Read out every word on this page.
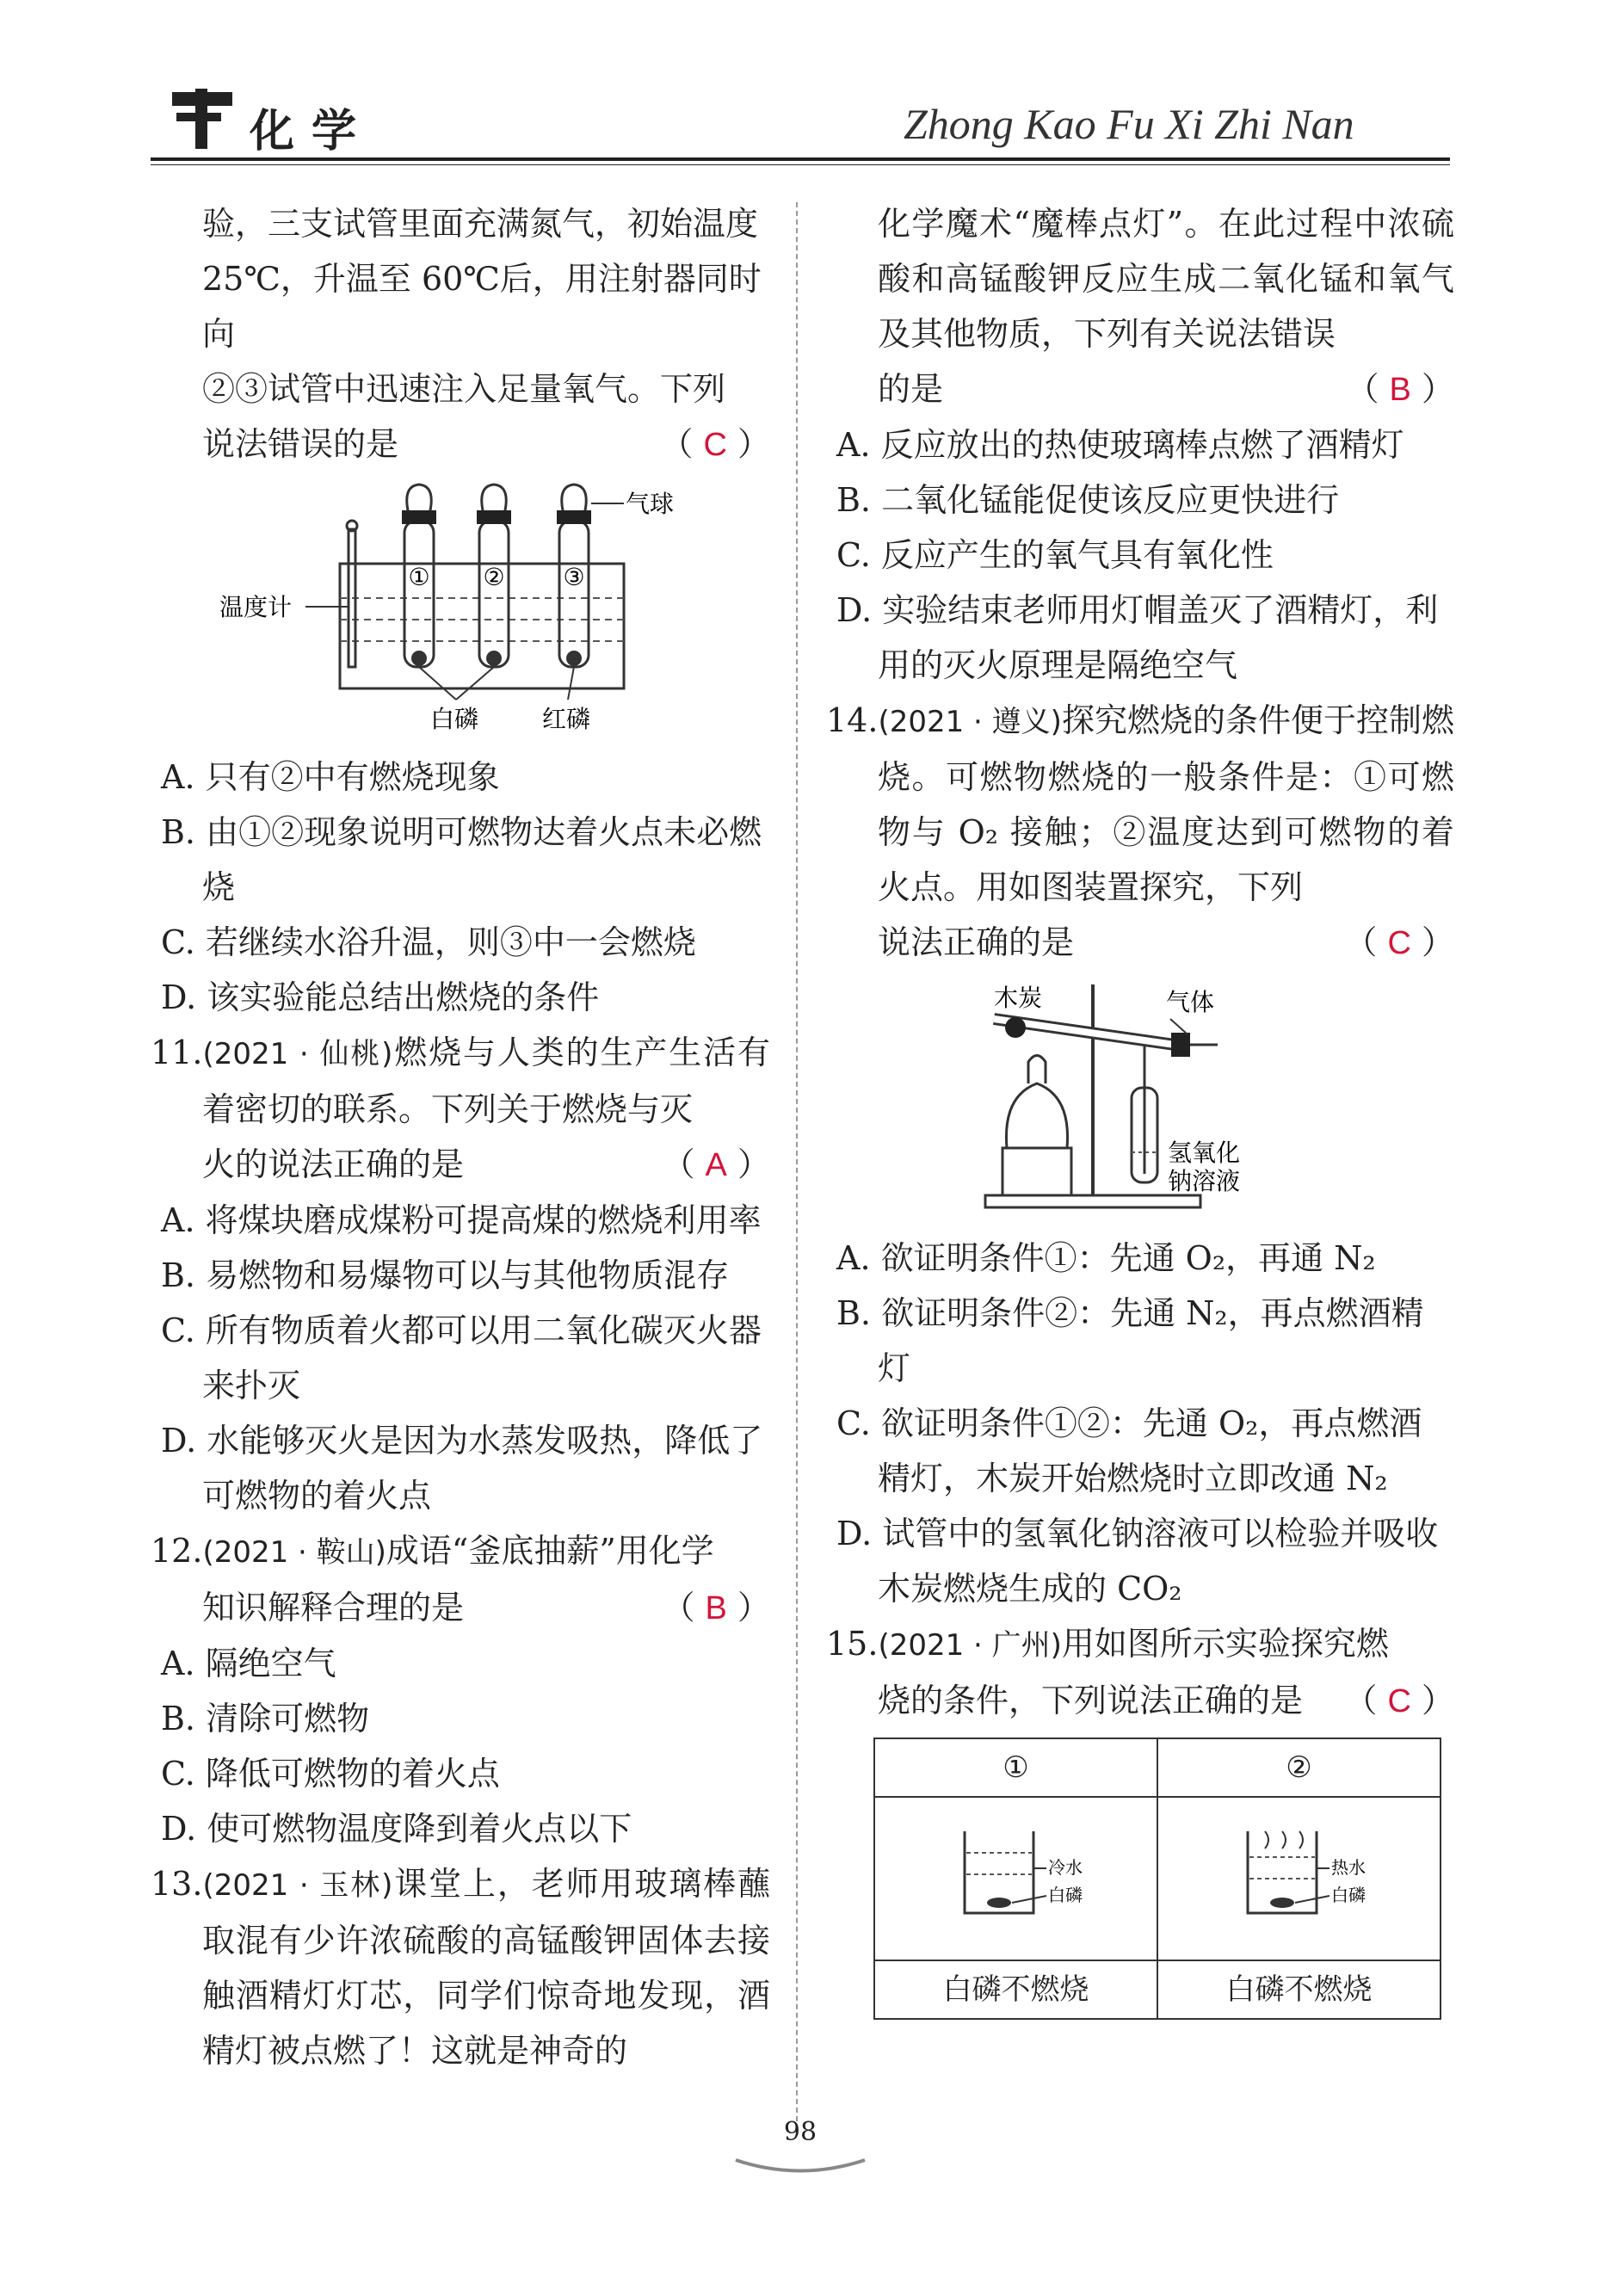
化学	Zhong Kao Fu Xi Zhi Nan
验，三支试管里面充满氮气，初始温度
25℃，升温至 60℃后，用注射器同时向
②③试管中迅速注入足量氧气。下列
说法错误的是	（ C ）
① ② ③
气球
温度计
白磷	红磷
A. 只有②中有燃烧现象
B. 由①②现象说明可燃物达着火点未必燃烧
C. 若继续水浴升温，则③中一会燃烧
D. 该实验能总结出燃烧的条件
11.(2021 · 仙桃)燃烧与人类的生产生活有着密切的联系。下列关于燃烧与灭
火的说法正确的是	（ A ）
A. 将煤块磨成煤粉可提高煤的燃烧利用率
B. 易燃物和易爆物可以与其他物质混存
C. 所有物质着火都可以用二氧化碳灭火器来扑灭
D. 水能够灭火是因为水蒸发吸热，降低了可燃物的着火点
12.(2021 · 鞍山)成语“釜底抽薪”用化学
知识解释合理的是	（ B ）
A. 隔绝空气
B. 清除可燃物
C. 降低可燃物的着火点
D. 使可燃物温度降到着火点以下
13.(2021 · 玉林)课堂上，老师用玻璃棒蘸取混有少许浓硫酸的高锰酸钾固体去接触酒精灯灯芯，同学们惊奇地发现，酒精灯被点燃了！这就是神奇的
化学魔术“魔棒点灯”。在此过程中浓硫酸和高锰酸钾反应生成二氧化锰和氧气及其他物质，下列有关说法错误
的是	（ B ）
A. 反应放出的热使玻璃棒点燃了酒精灯
B. 二氧化锰能促使该反应更快进行
C. 反应产生的氧气具有氧化性
D. 实验结束老师用灯帽盖灭了酒精灯，利用的灭火原理是隔绝空气
14.(2021 · 遵义)探究燃烧的条件便于控制燃烧。可燃物燃烧的一般条件是：①可燃物与 O₂ 接触；②温度达到可燃物的着火点。用如图装置探究，下列
说法正确的是	（ C ）
木炭	气体
氢氧化
钠溶液
A. 欲证明条件①：先通 O₂，再通 N₂
B. 欲证明条件②：先通 N₂，再点燃酒精灯
C. 欲证明条件①②：先通 O₂，再点燃酒精灯，木炭开始燃烧时立即改通 N₂
D. 试管中的氢氧化钠溶液可以检验并吸收木炭燃烧生成的 CO₂
15.(2021 · 广州)用如图所示实验探究燃
烧的条件，下列说法正确的是 （ C ）
①	②

冷水
白磷	热水
白磷

白磷不燃烧	白磷不燃烧
98
